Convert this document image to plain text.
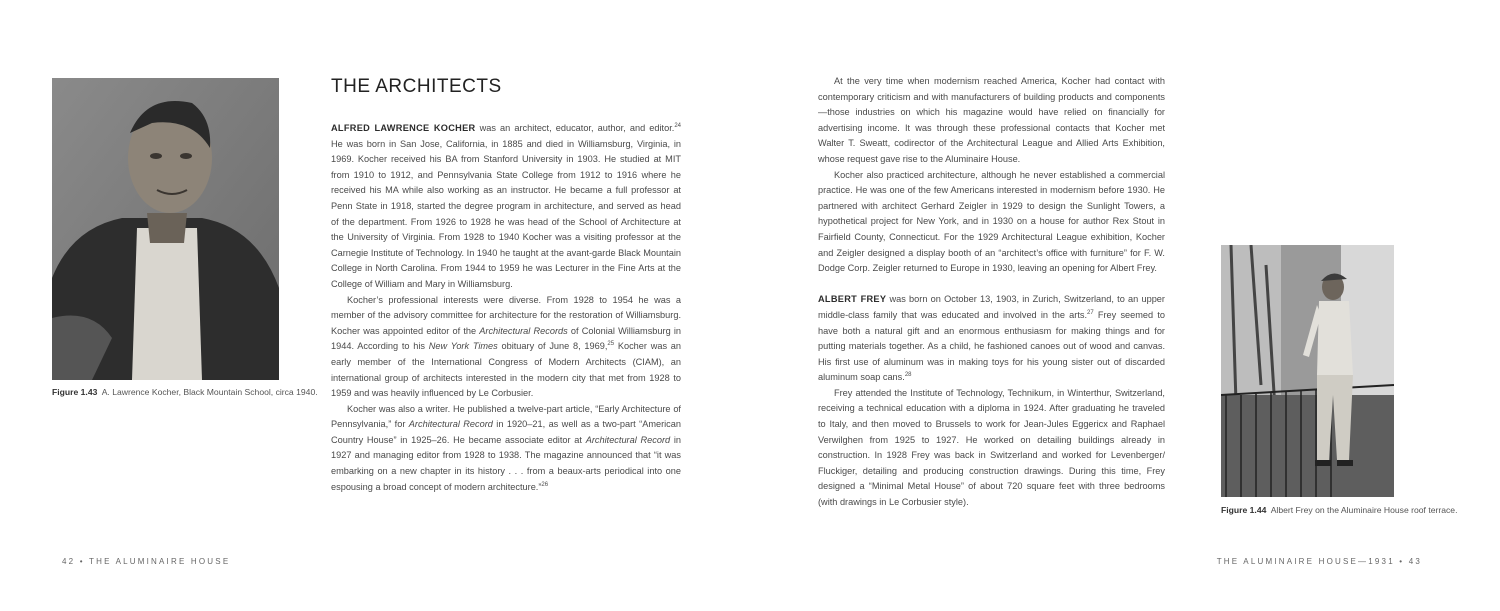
Figure 1.43 A. Lawrence Kocher, Black Mountain School, circa 1940.
THE ARCHITECTS

ALFRED LAWRENCE KOCHER was an architect, educator, author, and editor.$^{24}$ He was born in San Jose, California, in 1885 and died in Williamsburg, Virginia, in 1969. Kocher received his BA from Stanford University in 1903. He studied at MIT from 1910 to 1912, and Pennsylvania State College from 1912 to 1916 where he received his MA while also working as an instructor. He became a full professor at Penn State in 1918, started the degree program in architecture, and served as head of the department. From 1926 to 1928 he was head of the School of Architecture at the University of Virginia. From 1928 to 1940 Kocher was a visiting professor at the Carnegie Institute of Technology. In 1940 he taught at the avant-garde Black Mountain College in North Carolina. From 1944 to 1959 he was Lecturer in the Fine Arts at the College of William and Mary in Williamsburg.

Kocher’s professional interests were diverse. From 1928 to 1954 he was a member of the advisory committee for architecture for the restoration of Williamsburg. Kocher was appointed editor of the Architectural Records of Colonial Williamsburg in 1944. According to his New York Times obituary of June 8, 1969,25 Kocher was an early member of the International Congress of Modern Architects (CIAM), an international group of architects interested in the modern city that met from 1928 to 1959 and was heavily influenced by Le Corbusier.

Kocher was also a writer. He published a twelve-part article, “Early Architecture of Pennsylvania,” for Architectural Record in 1920–21, as well as a two-part “American Country House” in 1925–26. He became associate editor at Architectural Record in 1927 and managing editor from 1928 to 1938. The magazine announced that “it was embarking on a new chapter in its history . . . from a beaux-arts periodical into one espousing a broad concept of modern architecture.”$^{26}$

42 • THE ALUMINAIRE HOUSE

At the very time when modernism reached America, Kocher had contact with contemporary criticism and with manufacturers of building products and components—those industries on which his magazine would have relied on financially for advertising income. It was through these professional contacts that Kocher met Walter T. Sweatt, codirector of the Architectural League and Allied Arts Exhibition, whose request gave rise to the Aluminaire House.

Kocher also practiced architecture, although he never established a commercial practice. He was one of the few Americans interested in modernism before 1930. He partnered with architect Gerhard Zeigler in 1929 to design the Sunlight Towers, a hypothetical project for New York, and in 1930 on a house for author Rex Stout in Fairfield County, Connecticut. For the 1929 Architectural League exhibition, Kocher and Zeigler designed a display booth of an “architect’s office with furniture” for F. W. Dodge Corp. Zeigler returned to Europe in 1930, leaving an opening for Albert Frey.

ALBERT FREY was born on October 13, 1903, in Zurich, Switzerland, to an upper middle-class family that was educated and involved in the arts.$^{27}$ Frey seemed to have both a natural gift and an enormous enthusiasm for making things and for putting materials together. As a child, he fashioned canoes out of wood and canvas. His first use of aluminum was in making toys for his young sister out of discarded aluminum soap cans.$^{28}$

Frey attended the Institute of Technology, Technikum, in Winterthur, Switzerland, receiving a technical education with a diploma in 1924. After graduating he traveled to Italy, and then moved to Brussels to work for Jean-Jules Eggericx and Raphael Verwilghen from 1925 to 1927. He worked on detailing buildings already in construction. In 1928 Frey was back in Switzerland and worked for Levenberger/ Fluckiger, detailing and producing construction drawings. During this time, Frey designed a “Minimal Metal House” of about 720 square feet with three bedrooms (with drawings in Le Corbusier style).

Figure 1.44 Albert Frey on the Aluminaire House roof terrace.
THE ALUMINAIRE HOUSE—1931 • 43
